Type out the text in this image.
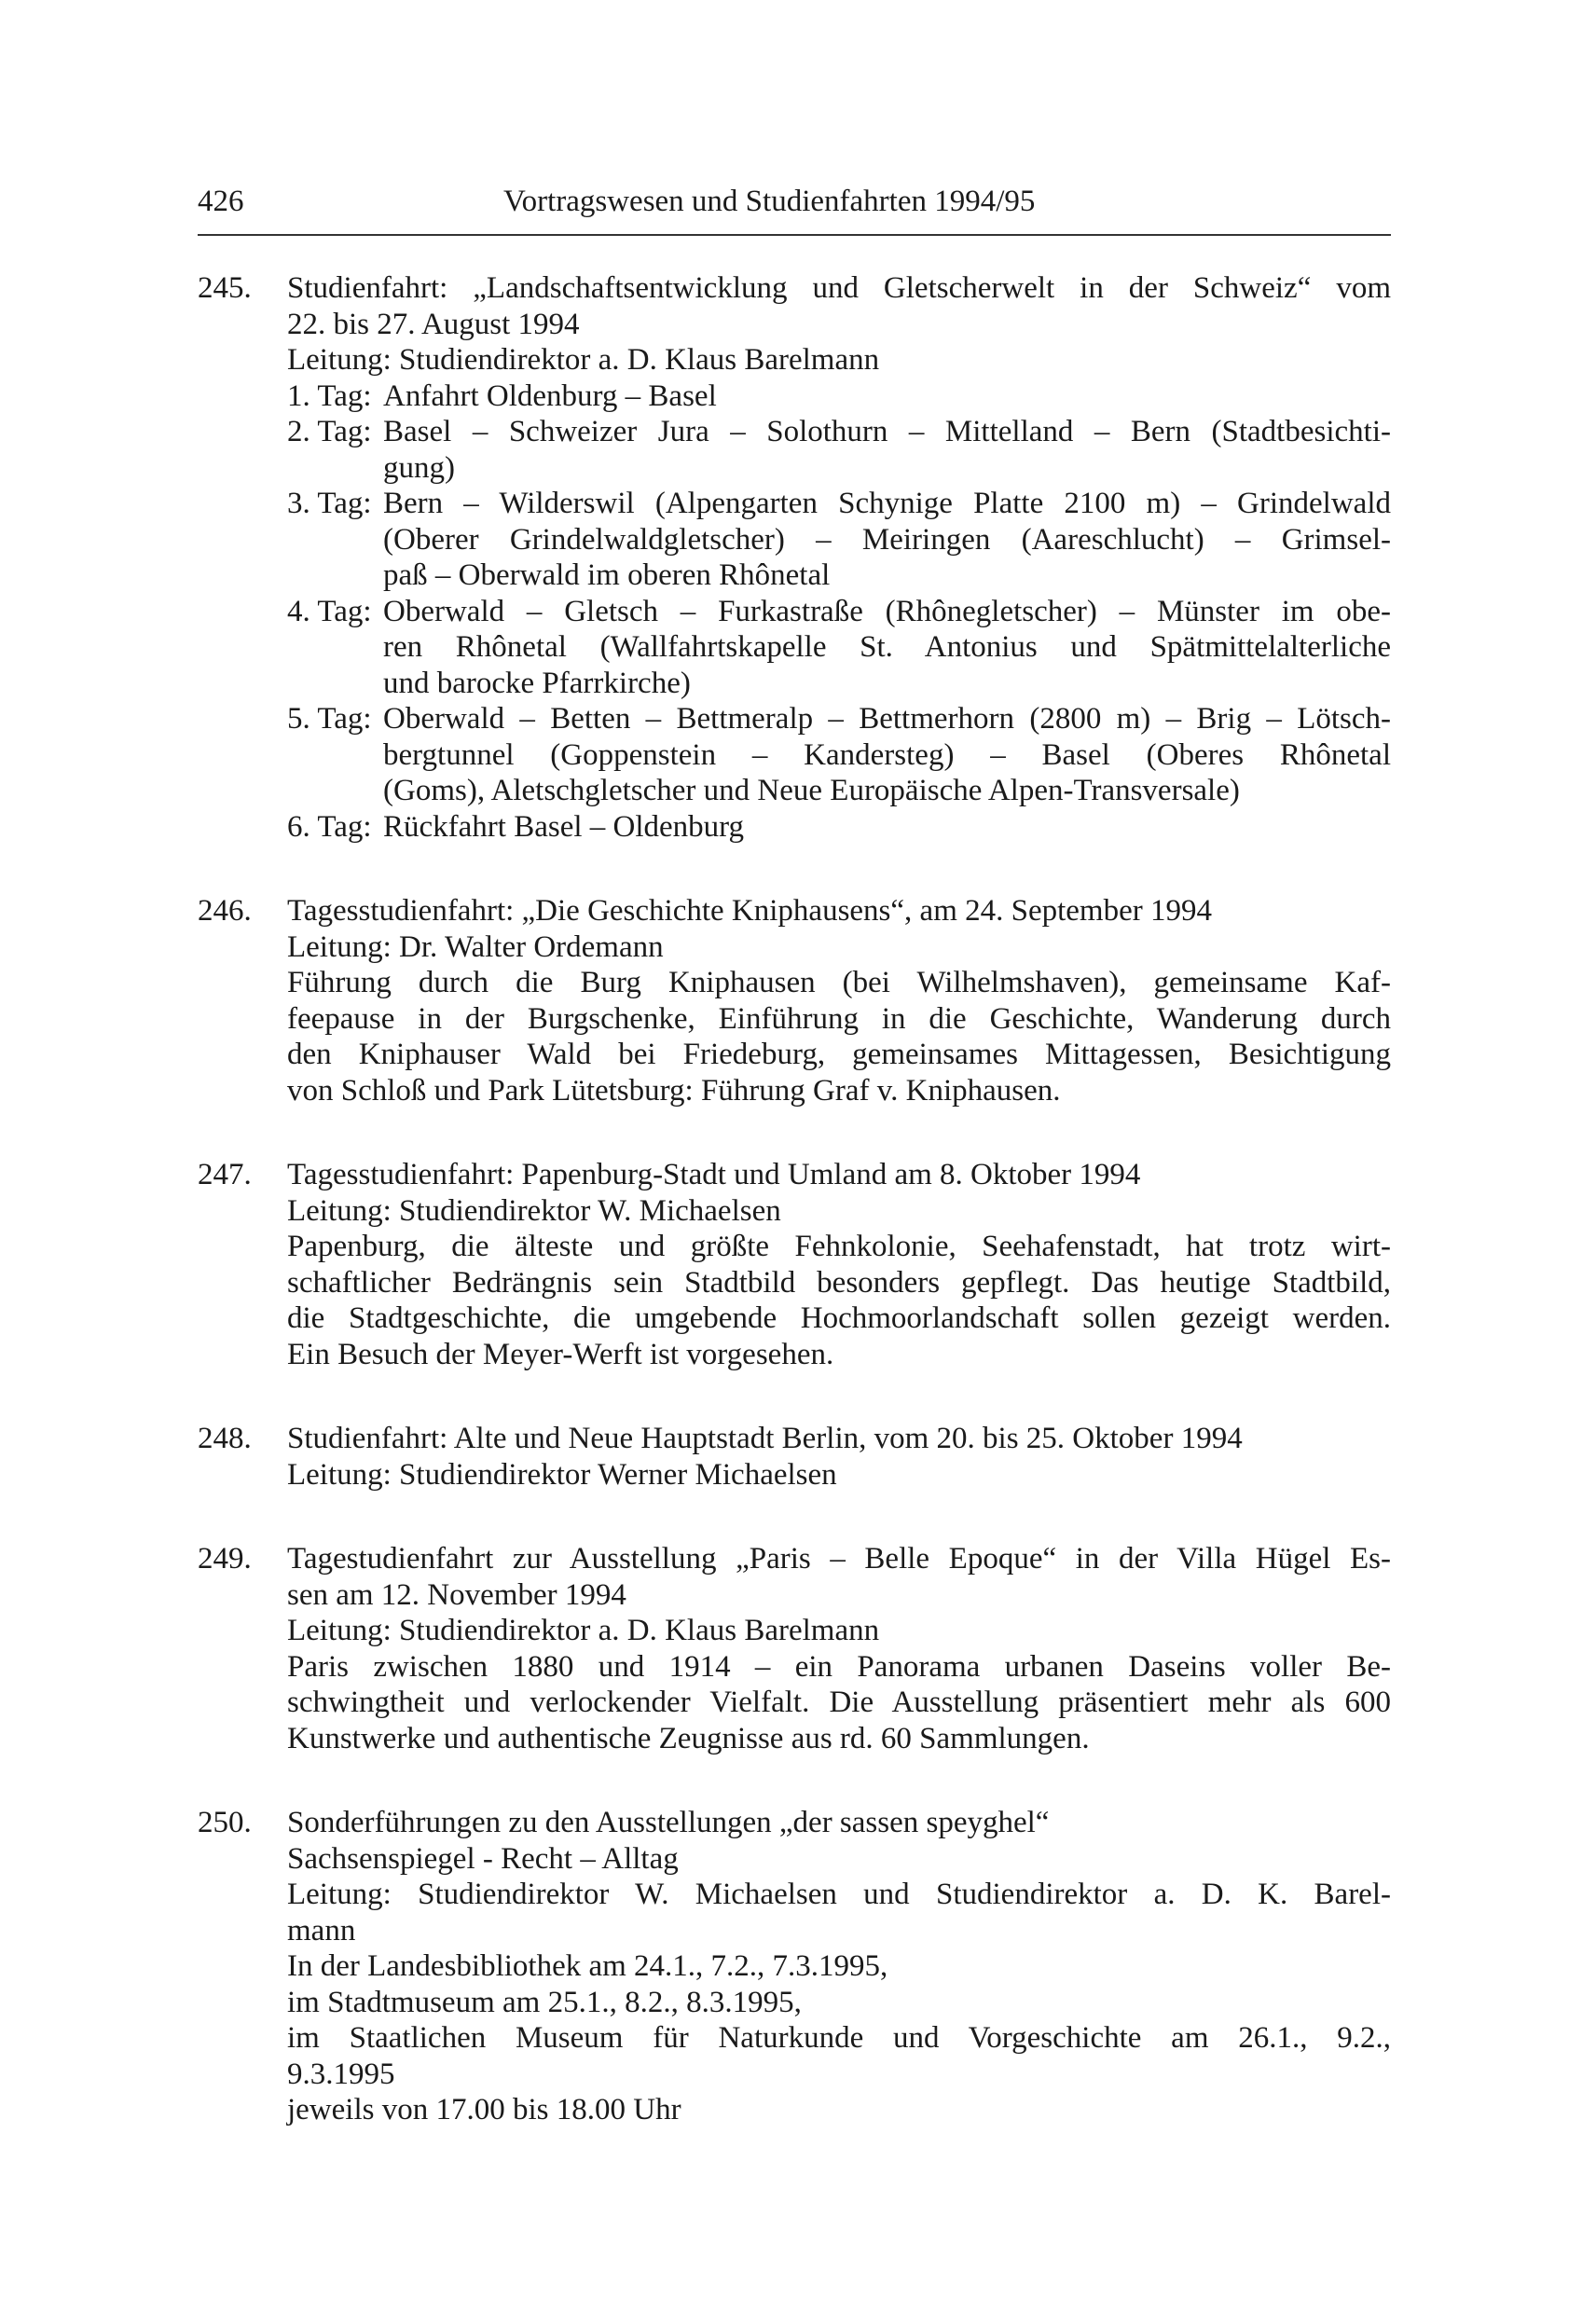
426	Vortragswesen und Studienfahrten 1994/95
245. Studienfahrt: „Landschaftsentwicklung und Gletscherwelt in der Schweiz“ vom
22. bis 27. August 1994
Leitung: Studiendirektor a. D. Klaus Barelmann
1. Tag: Anfahrt Oldenburg – Basel
2. Tag: Basel – Schweizer Jura – Solothurn – Mittelland – Bern (Stadtbesichti-
gung)
3. Tag: Bern – Wilderswil (Alpengarten Schynige Platte 2100 m) – Grindelwald
(Oberer Grindelwaldgletscher) – Meiringen (Aareschlucht) – Grimsel-
paß – Oberwald im oberen Rhônetal
4. Tag: Oberwald – Gletsch – Furkastraße (Rhônegletscher) – Münster im obe-
ren Rhônetal (Wallfahrtskapelle St. Antonius und Spätmittelalterliche
und barocke Pfarrkirche)
5. Tag: Oberwald – Betten – Bettmeralp – Bettmerhorn (2800 m) – Brig – Lötsch-
bergtunnel (Goppenstein – Kandersteg) – Basel (Oberes Rhônetal
(Goms), Aletschgletscher und Neue Europäische Alpen-Transversale)
6. Tag: Rückfahrt Basel – Oldenburg
246. Tagesstudienfahrt: „Die Geschichte Kniphausens“, am 24. September 1994
Leitung: Dr. Walter Ordemann
Führung durch die Burg Kniphausen (bei Wilhelmshaven), gemeinsame Kaf-
feepause in der Burgschenke, Einführung in die Geschichte, Wanderung durch
den Kniphauser Wald bei Friedeburg, gemeinsames Mittagessen, Besichtigung
von Schloß und Park Lütetsburg: Führung Graf v. Kniphausen.
247. Tagesstudienfahrt: Papenburg-Stadt und Umland am 8. Oktober 1994
Leitung: Studiendirektor W. Michaelsen
Papenburg, die älteste und größte Fehnkolonie, Seehafenstadt, hat trotz wirt-
schaftlicher Bedrängnis sein Stadtbild besonders gepflegt. Das heutige Stadtbild,
die Stadtgeschichte, die umgebende Hochmoorlandschaft sollen gezeigt werden.
Ein Besuch der Meyer-Werft ist vorgesehen.
248. Studienfahrt: Alte und Neue Hauptstadt Berlin, vom 20. bis 25. Oktober 1994
Leitung: Studiendirektor Werner Michaelsen
249. Tagestudienfahrt zur Ausstellung „Paris – Belle Epoque“ in der Villa Hügel Es-
sen am 12. November 1994
Leitung: Studiendirektor a. D. Klaus Barelmann
Paris zwischen 1880 und 1914 – ein Panorama urbanen Daseins voller Be-
schwingtheit und verlockender Vielfalt. Die Ausstellung präsentiert mehr als 600
Kunstwerke und authentische Zeugnisse aus rd. 60 Sammlungen.
250. Sonderführungen zu den Ausstellungen „der sassen speyghel“
Sachsenspiegel - Recht – Alltag
Leitung: Studiendirektor W. Michaelsen und Studiendirektor a. D. K. Barel-
mann
In der Landesbibliothek am 24.1., 7.2., 7.3.1995,
im Stadtmuseum am 25.1., 8.2., 8.3.1995,
im Staatlichen Museum für Naturkunde und Vorgeschichte am 26.1., 9.2.,
9.3.1995
jeweils von 17.00 bis 18.00 Uhr
